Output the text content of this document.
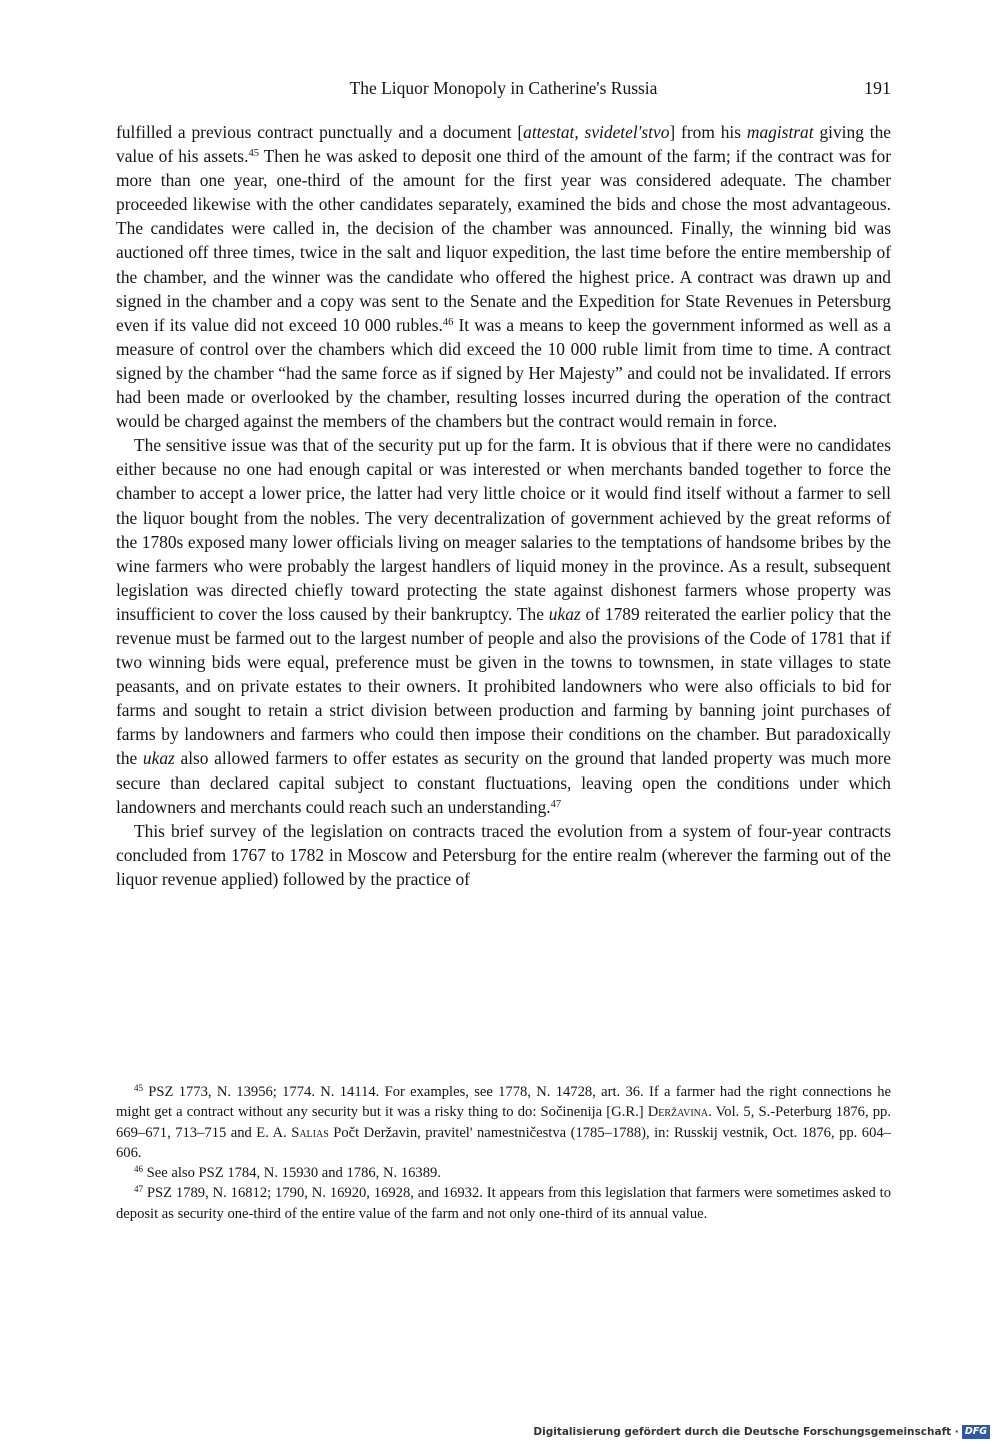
The Liquor Monopoly in Catherine's Russia	191

fulfilled a previous contract punctually and a document [attestat, svidetel'stvo] from his magistrat giving the value of his assets.$^{45}$ Then he was asked to deposit one third of the amount of the farm; if the contract was for more than one year, one-third of the amount for the first year was considered adequate. The chamber proceeded likewise with the other candidates separately, examined the bids and chose the most advantageous. The candidates were called in, the decision of the chamber was announced. Finally, the winning bid was auctioned off three times, twice in the salt and liquor expedition, the last time before the entire membership of the chamber, and the winner was the candidate who offered the highest price. A contract was drawn up and signed in the chamber and a copy was sent to the Senate and the Expedition for State Revenues in Petersburg even if its value did not exceed 10 000 rubles.$^{46}$ It was a means to keep the government informed as well as a measure of control over the chambers which did exceed the 10 000 ruble limit from time to time. A contract signed by the chamber “had the same force as if signed by Her Majesty” and could not be invalidated. If errors had been made or overlooked by the chamber, resulting losses incurred during the operation of the contract would be charged against the members of the chambers but the contract would remain in force.

The sensitive issue was that of the security put up for the farm. It is obvious that if there were no candidates either because no one had enough capital or was interested or when merchants banded together to force the chamber to accept a lower price, the latter had very little choice or it would find itself without a farmer to sell the liquor bought from the nobles. The very decentralization of government achieved by the great reforms of the 1780s exposed many lower officials living on meager salaries to the temptations of handsome bribes by the wine farmers who were probably the largest handlers of liquid money in the province. As a result, subsequent legislation was directed chiefly toward protecting the state against dishonest farmers whose property was insufficient to cover the loss caused by their bankruptcy. The ukaz of 1789 reiterated the earlier policy that the revenue must be farmed out to the largest number of people and also the provisions of the Code of 1781 that if two winning bids were equal, preference must be given in the towns to townsmen, in state villages to state peasants, and on private estates to their owners. It prohibited landowners who were also officials to bid for farms and sought to retain a strict division between production and farming by banning joint purchases of farms by landowners and farmers who could then impose their conditions on the chamber. But paradoxically the ukaz also allowed farmers to offer estates as security on the ground that landed property was much more secure than declared capital subject to constant fluctuations, leaving open the conditions under which landowners and merchants could reach such an understanding.$^{47}$

This brief survey of the legislation on contracts traced the evolution from a system of four-year contracts concluded from 1767 to 1782 in Moscow and Petersburg for the entire realm (wherever the farming out of the liquor revenue applied) followed by the practice of

$^{45}$ PSZ 1773, N. 13956; 1774. N. 14114. For examples, see 1778, N. 14728, art. 36. If a farmer had the right connections he might get a contract without any security but it was a risky thing to do: Sočinenija [G.R.] Deržavina. Vol. 5, S.-Peterburg 1876, pp. 669–671, 713–715 and E. A. Salias Počt Deržavin, pravitel' namestničestva (1785–1788), in: Russkij vestnik, Oct. 1876, pp. 604–606.

$^{46}$ See also PSZ 1784, N. 15930 and 1786, N. 16389.

$^{47}$ PSZ 1789, N. 16812; 1790, N. 16920, 16928, and 16932. It appears from this legislation that farmers were sometimes asked to deposit as security one-third of the entire value of the farm and not only one-third of its annual value.

Digitalisierung gefördert durch die Deutsche Forschungsgemeinschaft · DFG
